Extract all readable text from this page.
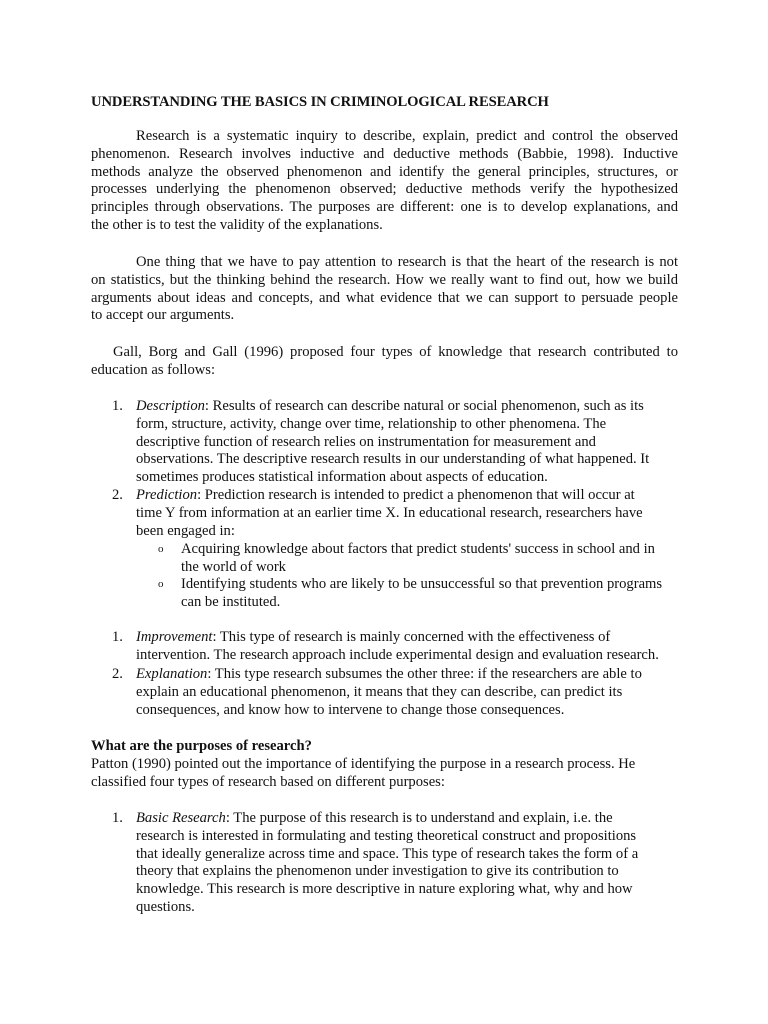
UNDERSTANDING THE BASICS IN CRIMINOLOGICAL RESEARCH
Research is a systematic inquiry to describe, explain, predict and control the observed
phenomenon. Research involves inductive and deductive methods (Babbie, 1998). Inductive
methods analyze the observed phenomenon and identify the general principles, structures, or
processes underlying the phenomenon observed; deductive methods verify the hypothesized
principles through observations. The purposes are different: one is to develop explanations, and
the other is to test the validity of the explanations.
One thing that we have to pay attention to research is that the heart of the research is not
on statistics, but the thinking behind the research. How we really want to find out, how we build
arguments about ideas and concepts, and what evidence that we can support to persuade people
to accept our arguments.
Gall, Borg and Gall (1996) proposed four types of knowledge that research contributed to
education as follows:
1. Description: Results of research can describe natural or social phenomenon, such as its
form, structure, activity, change over time, relationship to other phenomena. The
descriptive function of research relies on instrumentation for measurement and
observations. The descriptive research results in our understanding of what happened. It
sometimes produces statistical information about aspects of education.
2. Prediction: Prediction research is intended to predict a phenomenon that will occur at
time Y from information at an earlier time X. In educational research, researchers have
been engaged in:
o Acquiring knowledge about factors that predict students' success in school and in
the world of work
o Identifying students who are likely to be unsuccessful so that prevention programs
can be instituted.
1. Improvement: This type of research is mainly concerned with the effectiveness of
intervention. The research approach include experimental design and evaluation research.
2. Explanation: This type research subsumes the other three: if the researchers are able to
explain an educational phenomenon, it means that they can describe, can predict its
consequences, and know how to intervene to change those consequences.
What are the purposes of research?
Patton (1990) pointed out the importance of identifying the purpose in a research process. He
classified four types of research based on different purposes:
1. Basic Research: The purpose of this research is to understand and explain, i.e. the
research is interested in formulating and testing theoretical construct and propositions
that ideally generalize across time and space. This type of research takes the form of a
theory that explains the phenomenon under investigation to give its contribution to
knowledge. This research is more descriptive in nature exploring what, why and how
questions.
